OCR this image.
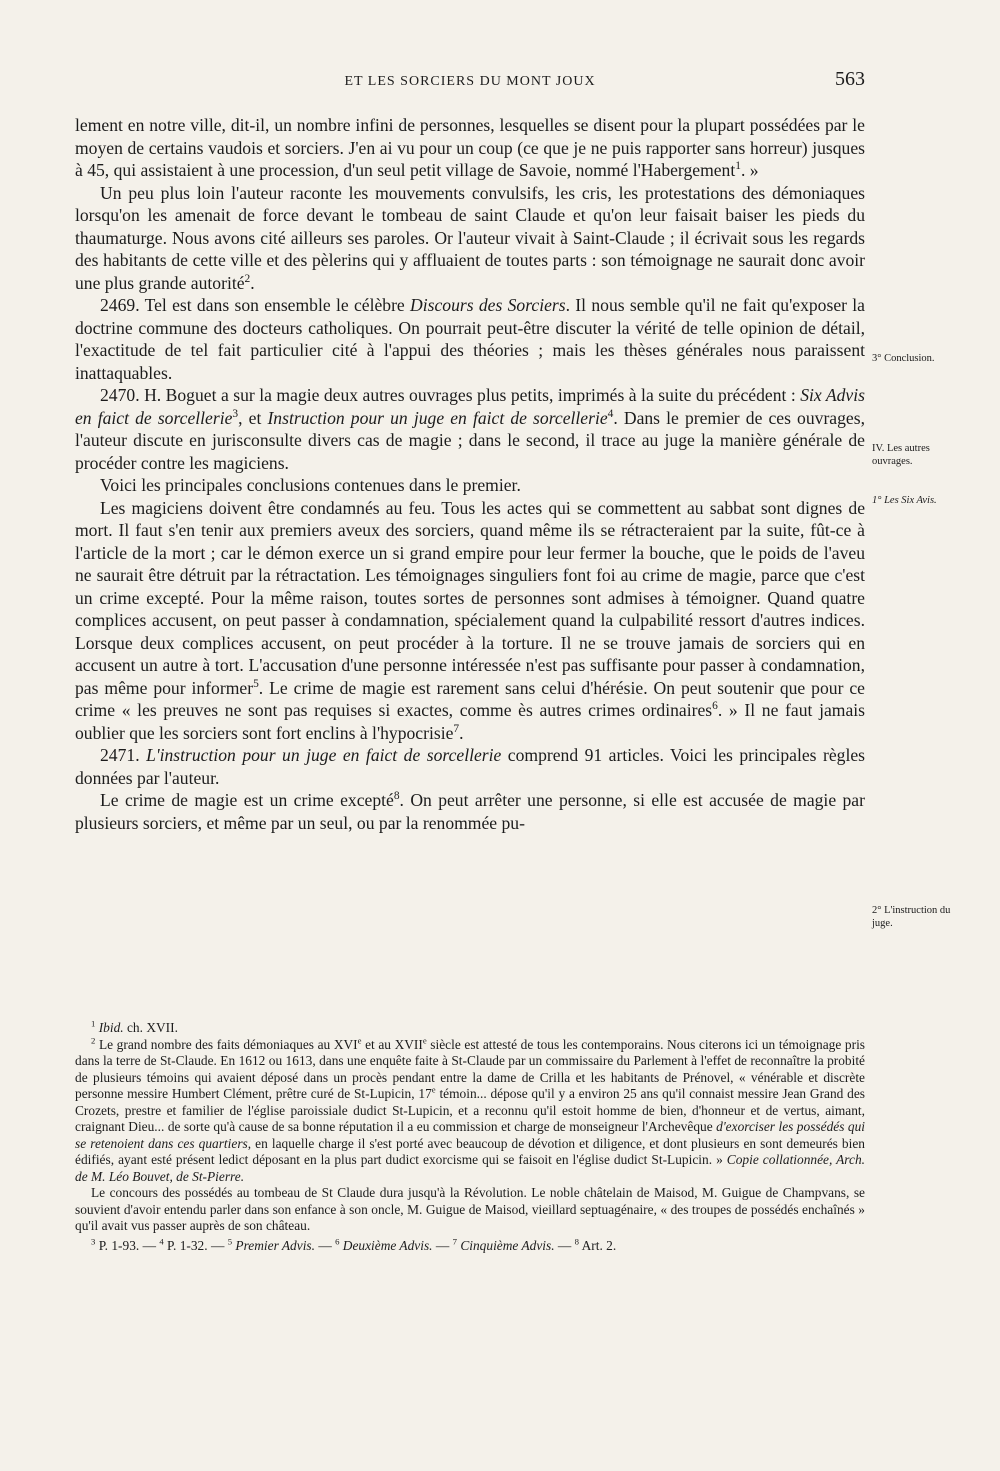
ET LES SORCIERS DU MONT JOUX	563

lement en notre ville, dit-il, un nombre infini de personnes, lesquelles se disent pour la plupart possédées par le moyen de certains vaudois et sorciers. J'en ai vu pour un coup (ce que je ne puis rapporter sans horreur) jusques à 45, qui assistaient à une procession, d'un seul petit village de Savoie, nommé l'Habergement$^1$. »

Un peu plus loin l'auteur raconte les mouvements convulsifs, les cris, les protestations des démoniaques lorsqu'on les amenait de force devant le tombeau de saint Claude et qu'on leur faisait baiser les pieds du thaumaturge. Nous avons cité ailleurs ses paroles. Or l'auteur vivait à Saint-Claude ; il écrivait sous les regards des habitants de cette ville et des pèlerins qui y affluaient de toutes parts : son témoignage ne saurait donc avoir une plus grande autorité$^2$.

2469. Tel est dans son ensemble le célèbre Discours des Sorciers. Il nous semble qu'il ne fait qu'exposer la doctrine commune des docteurs catholiques. On pourrait peut-être discuter la vérité de telle opinion de détail, l'exactitude de tel fait particulier cité à l'appui des théories ; mais les thèses générales nous paraissent inattaquables.

2470. H. Boguet a sur la magie deux autres ouvrages plus petits, imprimés à la suite du précédent : Six Advis en faict de sorcellerie$^3$, et Instruction pour un juge en faict de sorcellerie$^4$. Dans le premier de ces ouvrages, l'auteur discute en jurisconsulte divers cas de magie ; dans le second, il trace au juge la manière générale de procéder contre les magiciens.

Voici les principales conclusions contenues dans le premier.

Les magiciens doivent être condamnés au feu. Tous les actes qui se commettent au sabbat sont dignes de mort. Il faut s'en tenir aux premiers aveux des sorciers, quand même ils se rétracteraient par la suite, fût-ce à l'article de la mort ; car le démon exerce un si grand empire pour leur fermer la bouche, que le poids de l'aveu ne saurait être détruit par la rétractation. Les témoignages singuliers font foi au crime de magie, parce que c'est un crime excepté. Pour la même raison, toutes sortes de personnes sont admises à témoigner. Quand quatre complices accusent, on peut passer à condamnation, spécialement quand la culpabilité ressort d'autres indices. Lorsque deux complices accusent, on peut procéder à la torture. Il ne se trouve jamais de sorciers qui en accusent un autre à tort. L'accusation d'une personne intéressée n'est pas suffisante pour passer à condamnation, pas même pour informer$^5$. Le crime de magie est rarement sans celui d'hérésie. On peut soutenir que pour ce crime « les preuves ne sont pas requises si exactes, comme ès autres crimes ordinaires$^6$. » Il ne faut jamais oublier que les sorciers sont fort enclins à l'hypocrisie$^7$.

2471. L'instruction pour un juge en faict de sorcellerie comprend 91 articles. Voici les principales règles données par l'auteur.

Le crime de magie est un crime excepté$^8$. On peut arrêter une personne, si elle est accusée de magie par plusieurs sorciers, et même par un seul, ou par la renommée pu-

3° Conclusion.
IV. Les autres ouvrages.
1° Les Six Avis.
2° L'instruction du juge.

$^1$ Ibid. ch. XVII.

$^2$ Le grand nombre des faits démoniaques au XVIe et au XVIIe siècle est attesté de tous les contemporains. Nous citerons ici un témoignage pris dans la terre de St-Claude. En 1612 ou 1613, dans une enquête faite à St-Claude par un commissaire du Parlement à l'effet de reconnaître la probité de plusieurs témoins qui avaient déposé dans un procès pendant entre la dame de Crilla et les habitants de Prénovel, « vénérable et discrète personne messire Humbert Clément, prêtre curé de St-Lupicin, 17e témoin... dépose qu'il y a environ 25 ans qu'il connaist messire Jean Grand des Crozets, prestre et familier de l'église paroissiale dudict St-Lupicin, et a reconnu qu'il estoit homme de bien, d'honneur et de vertus, aimant, craignant Dieu... de sorte qu'à cause de sa bonne réputation il a eu commission et charge de monseigneur l'Archevêque d'exorciser les possédés qui se retenoient dans ces quartiers, en laquelle charge il s'est porté avec beaucoup de dévotion et diligence, et dont plusieurs en sont demeurés bien édifiés, ayant esté présent ledict déposant en la plus part dudict exorcisme qui se faisoit en l'église dudict St-Lupicin. » Copie collationnée, Arch. de M. Léo Bouvet, de St-Pierre.

Le concours des possédés au tombeau de St Claude dura jusqu'à la Révolution. Le noble châtelain de Maisod, M. Guigue de Champvans, se souvient d'avoir entendu parler dans son enfance à son oncle, M. Guigue de Maisod, vieillard septuagénaire, « des troupes de possédés enchaînés » qu'il avait vus passer auprès de son château.

$^3$ P. 1-93. — $^4$ P. 1-32. — $^5$ Premier Advis. — $^6$ Deuxième Advis. — $^7$ Cinquième Advis. — $^8$ Art. 2.
